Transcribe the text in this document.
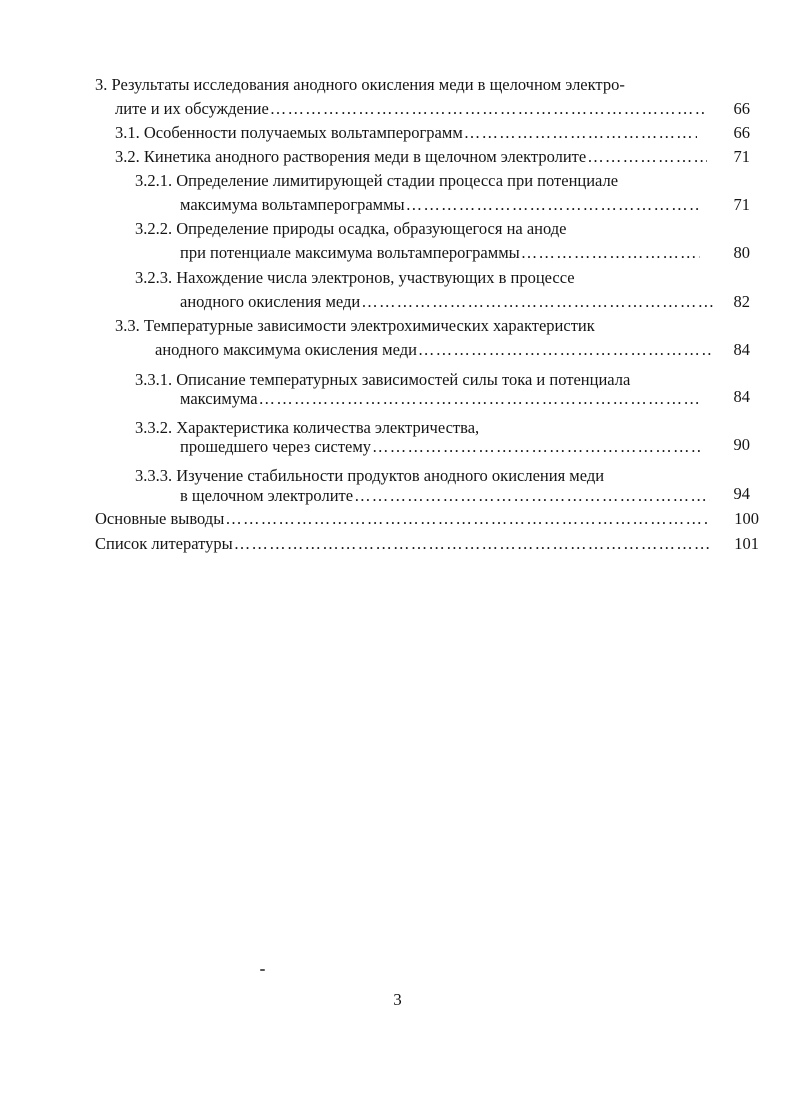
3. Результаты исследования анодного окисления меди в щелочном электро-
лите и их обсуждение …………………………………………………………………………………………………………………………………………………………………………………………………………………………………	66
3.1. Особенности получаемых вольтамперограмм …………………………………………………………………………………………………………………………………………………………………………………………………………………………………	66
3.2. Кинетика анодного растворения меди в щелочном электролите …………………………………………………………………………………………………………………………………………………………………………………………………………………………………	71
3.2.1. Определение лимитирующей стадии процесса при потенциале
максимума вольтамперограммы …………………………………………………………………………………………………………………………………………………………………………………………………………………………………	71
3.2.2. Определение природы осадка, образующегося на аноде
при потенциале максимума вольтамперограммы …………………………………………………………………………………………………………………………………………………………………………………………………………………………………	80
3.2.3. Нахождение числа электронов, участвующих в процессе
анодного окисления меди …………………………………………………………………………………………………………………………………………………………………………………………………………………………………	82
3.3. Температурные зависимости электрохимических характеристик
анодного максимума окисления меди …………………………………………………………………………………………………………………………………………………………………………………………………………………………………	84
3.3.1. Описание температурных зависимостей силы тока и потенциала
максимума …………………………………………………………………………………………………………………………………………………………………………………………………………………………………	84
3.3.2. Характеристика количества электричества,
прошедшего через систему …………………………………………………………………………………………………………………………………………………………………………………………………………………………………	90
3.3.3. Изучение стабильности продуктов анодного окисления меди
в щелочном электролите …………………………………………………………………………………………………………………………………………………………………………………………………………………………………	94
Основные выводы …………………………………………………………………………………………………………………………………………………………………………………………………………………………………	100
Список литературы …………………………………………………………………………………………………………………………………………………………………………………………………………………………………	101
3
